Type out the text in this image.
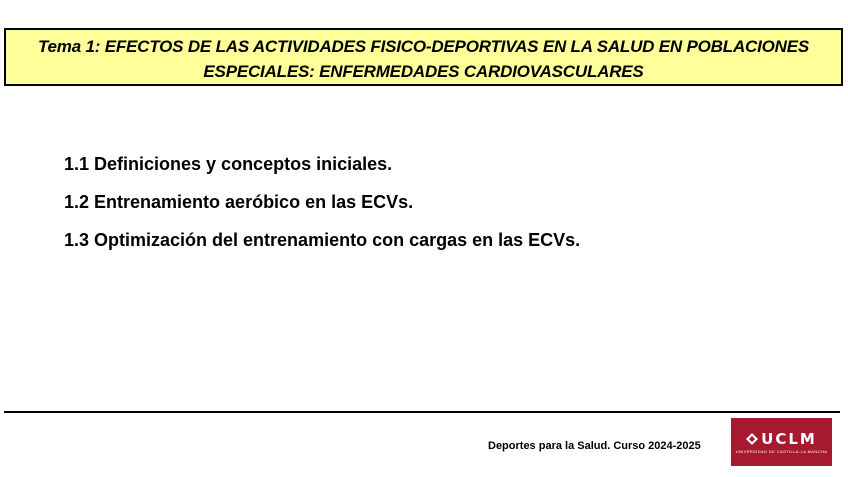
Tema 1: EFECTOS DE LAS ACTIVIDADES FISICO-DEPORTIVAS EN LA SALUD EN POBLACIONES
ESPECIALES: ENFERMEDADES CARDIOVASCULARES
1.1 Definiciones y conceptos iniciales.
1.2 Entrenamiento aeróbico en las ECVs.
1.3 Optimización del entrenamiento con cargas en las ECVs.
Deportes para la Salud. Curso 2024-2025	UCLM
UNIVERSIDAD DE CASTILLA-LA MANCHA
